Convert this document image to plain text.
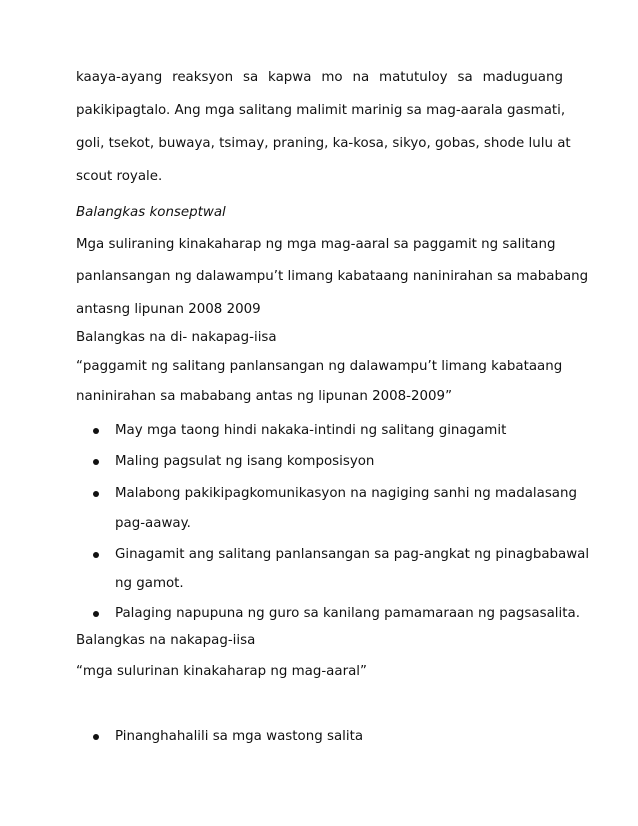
kaaya-ayang reaksyon sa kapwa mo na matutuloy sa maduguang
pakikipagtalo. Ang mga salitang malimit marinig sa mag-aarala gasmati,
goli, tsekot, buwaya, tsimay, praning, ka-kosa, sikyo, gobas, shode lulu at
scout royale.
Balangkas konseptwal
Mga suliraning kinakaharap ng mga mag-aaral sa paggamit ng salitang
panlansangan ng dalawampu’t limang kabataang naninirahan sa mababang
antasng lipunan 2008 2009
Balangkas na di- nakapag-iisa
“paggamit ng salitang panlansangan ng dalawampu’t limang kabataang
naninirahan sa mababang antas ng lipunan 2008-2009”
May mga taong hindi nakaka-intindi ng salitang ginagamit
Maling pagsulat ng isang komposisyon
Malabong pakikipagkomunikasyon na nagiging sanhi ng madalasang
pag-aaway.
Ginagamit ang salitang panlansangan sa pag-angkat ng pinagbabawal
ng gamot.
Palaging napupuna ng guro sa kanilang pamamaraan ng pagsasalita.
Balangkas na nakapag-iisa
“mga sulurinan kinakaharap ng mag-aaral”
Pinanghahalili sa mga wastong salita
